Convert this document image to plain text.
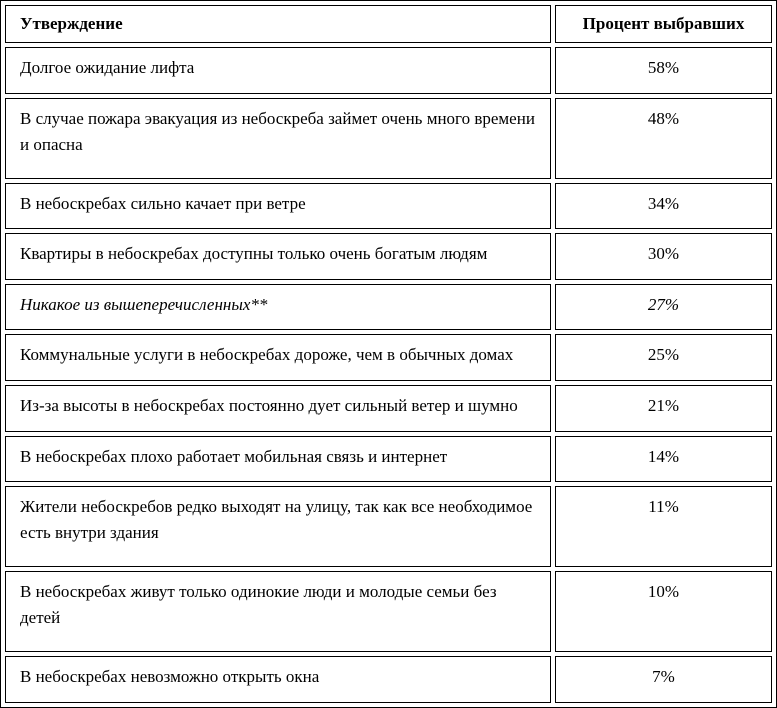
Утверждение	Процент выбравших
Долгое ожидание лифта	58%
В случае пожара эвакуация из небоскреба займет очень много времени и опасна	48%
В небоскребах сильно качает при ветре	34%
Квартиры в небоскребах доступны только очень богатым людям	30%
Никакое из вышеперечисленных**	27%
Коммунальные услуги в небоскребах дороже, чем в обычных домах	25%
Из-за высоты в небоскребах постоянно дует сильный ветер и шумно	21%
В небоскребах плохо работает мобильная связь и интернет	14%
Жители небоскребов редко выходят на улицу, так как все необходимое есть внутри здания	11%
В небоскребах живут только одинокие люди и молодые семьи без детей	10%
В небоскребах невозможно открыть окна	7%
